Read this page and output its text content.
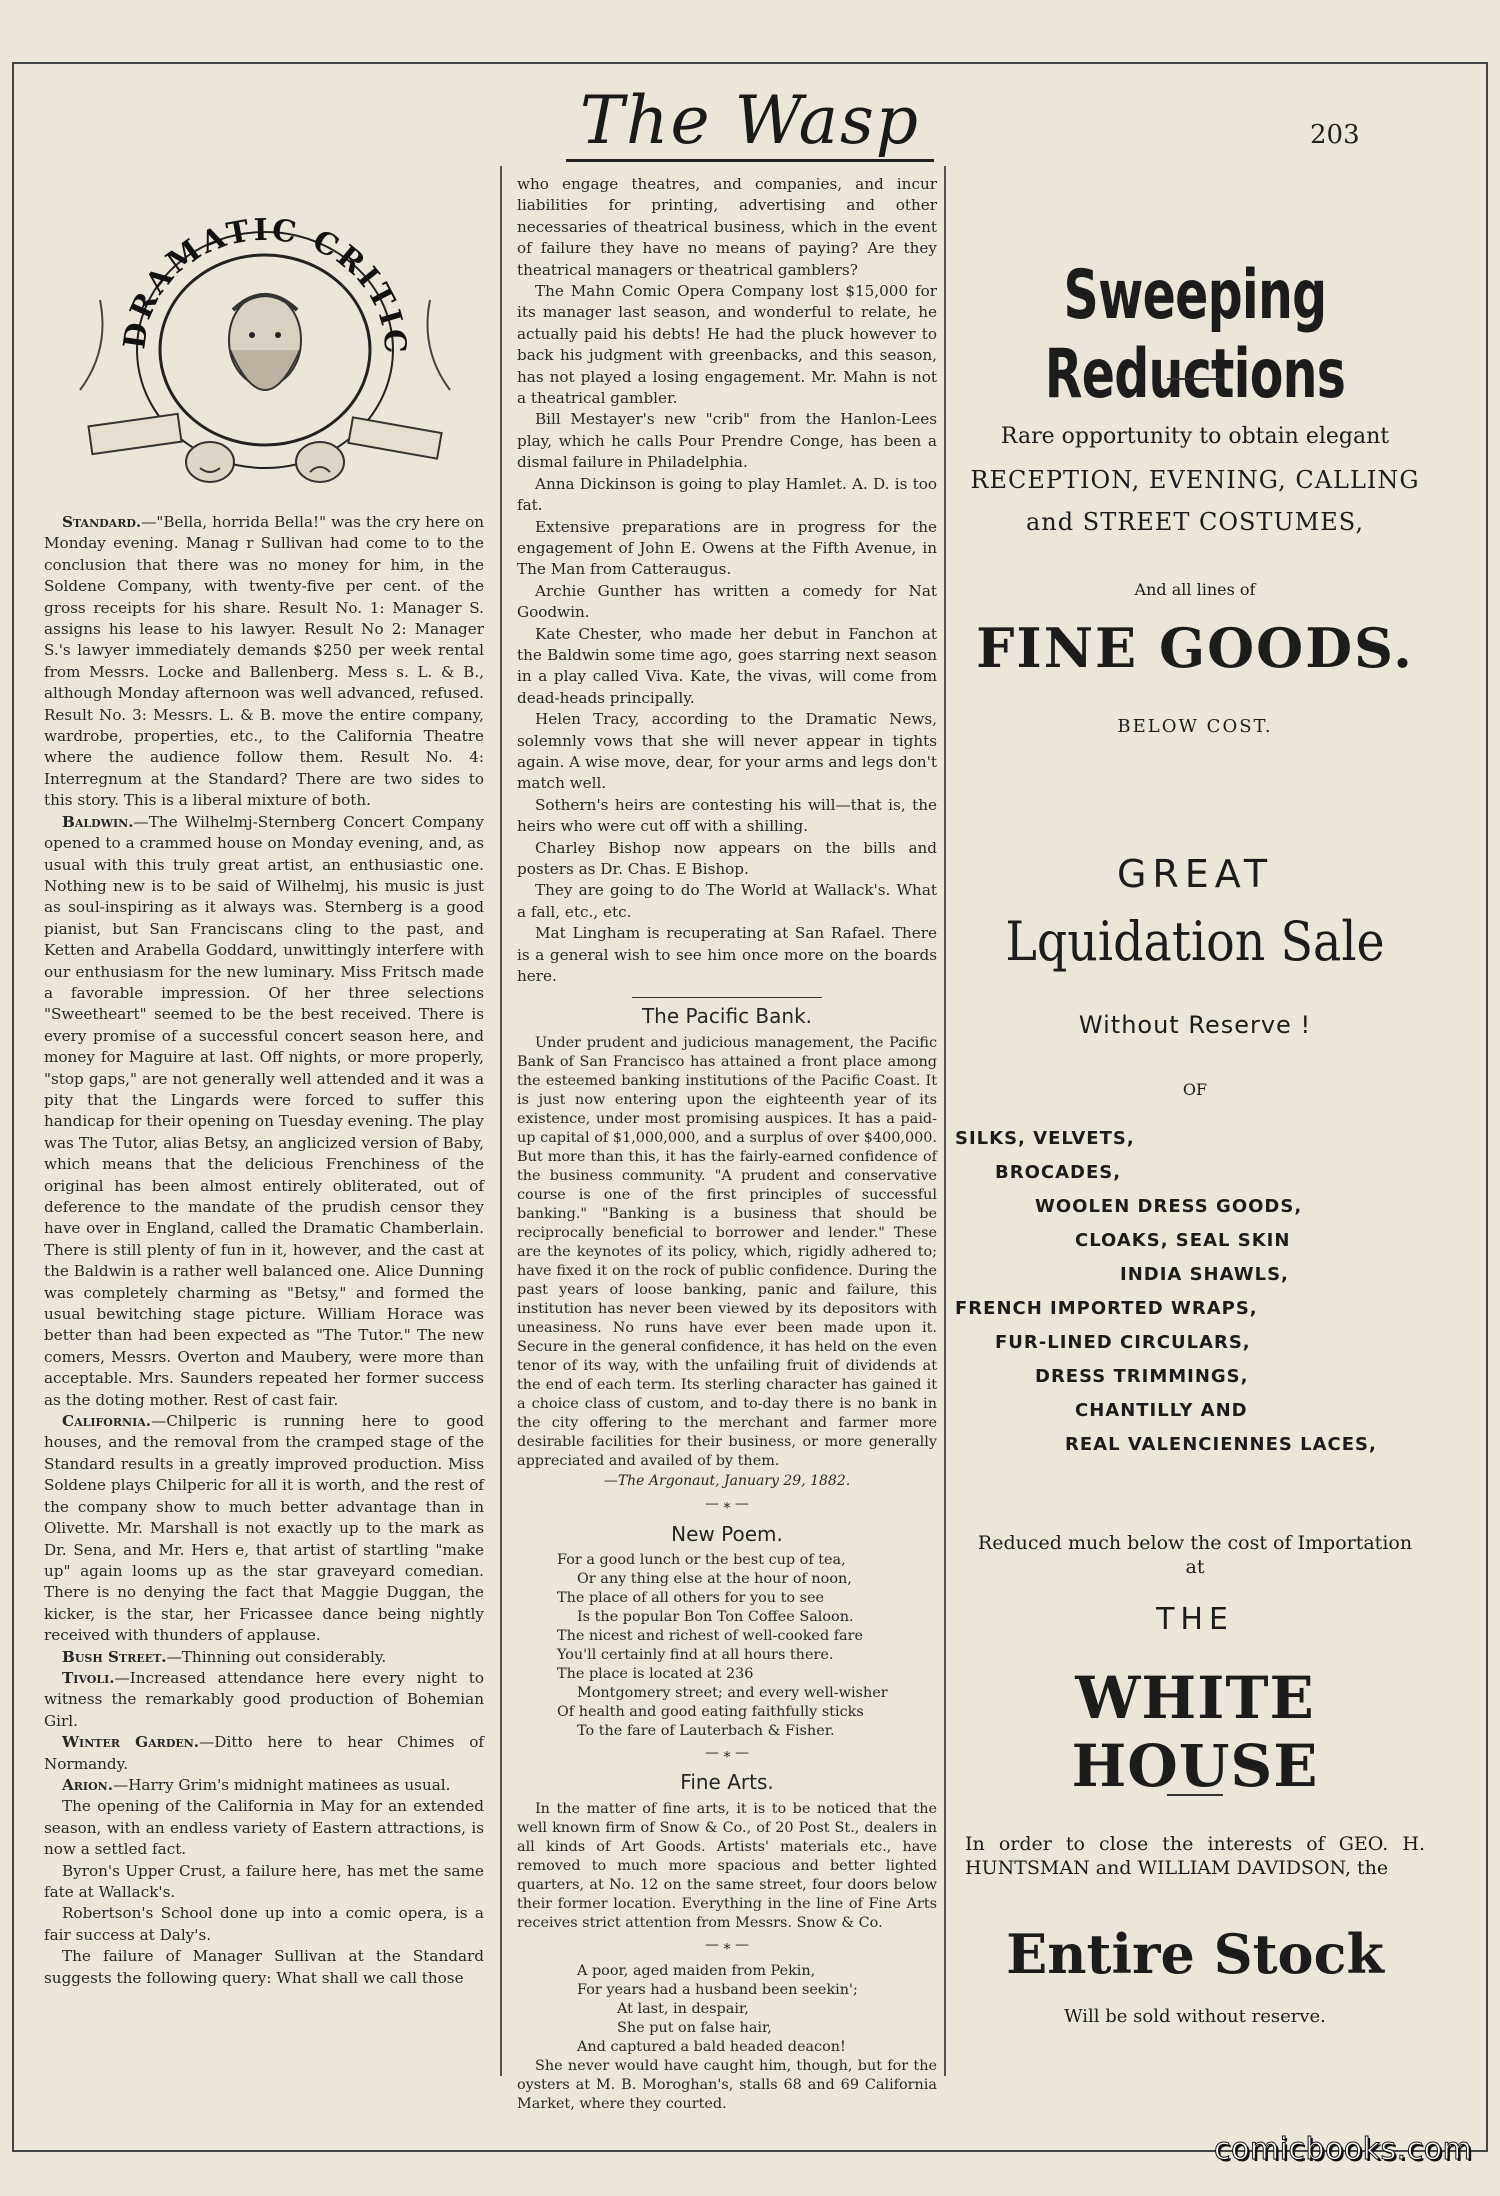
The Wasp	203
DRAMATIC CRITIC

Standard.—"Bella, horrida Bella!" was the cry here on Monday evening. Manag r Sullivan had come to to the conclusion that there was no money for him, in the Soldene Company, with twenty-five per cent. of the gross receipts for his share. Result No. 1: Manager S. assigns his lease to his lawyer. Result No 2: Manager S.'s lawyer immediately demands $250 per week rental from Messrs. Locke and Ballenberg. Mess s. L. & B., although Monday afternoon was well advanced, refused. Result No. 3: Messrs. L. & B. move the entire company, wardrobe, properties, etc., to the California Theatre where the audience follow them. Result No. 4: Interregnum at the Standard? There are two sides to this story. This is a liberal mixture of both.

Baldwin.—The Wilhelmj-Sternberg Concert Company opened to a crammed house on Monday evening, and, as usual with this truly great artist, an enthusiastic one. Nothing new is to be said of Wilhelmj, his music is just as soul-inspiring as it always was. Sternberg is a good pianist, but San Franciscans cling to the past, and Ketten and Arabella Goddard, unwittingly interfere with our enthusiasm for the new luminary. Miss Fritsch made a favorable impression. Of her three selections "Sweetheart" seemed to be the best received. There is every promise of a successful concert season here, and money for Maguire at last. Off nights, or more properly, "stop gaps," are not generally well attended and it was a pity that the Lingards were forced to suffer this handicap for their opening on Tuesday evening. The play was The Tutor, alias Betsy, an anglicized version of Baby, which means that the delicious Frenchiness of the original has been almost entirely obliterated, out of deference to the mandate of the prudish censor they have over in England, called the Dramatic Chamberlain. There is still plenty of fun in it, however, and the cast at the Baldwin is a rather well balanced one. Alice Dunning was completely charming as "Betsy," and formed the usual bewitching stage picture. William Horace was better than had been expected as "The Tutor." The new comers, Messrs. Overton and Maubery, were more than acceptable. Mrs. Saunders repeated her former success as the doting mother. Rest of cast fair.

California.—Chilperic is running here to good houses, and the removal from the cramped stage of the Standard results in a greatly improved production. Miss Soldene plays Chilperic for all it is worth, and the rest of the company show to much better advantage than in Olivette. Mr. Marshall is not exactly up to the mark as Dr. Sena, and Mr. Hers e, that artist of startling "make up" again looms up as the star graveyard comedian. There is no denying the fact that Maggie Duggan, the kicker, is the star, her Fricassee dance being nightly received with thunders of applause.

Bush Street.—Thinning out considerably.

Tivoli.—Increased attendance here every night to witness the remarkably good production of Bohemian Girl.

Winter Garden.—Ditto here to hear Chimes of Normandy.

Arion.—Harry Grim's midnight matinees as usual.

The opening of the California in May for an extended season, with an endless variety of Eastern attractions, is now a settled fact.

Byron's Upper Crust, a failure here, has met the same fate at Wallack's.

Robertson's School done up into a comic opera, is a fair success at Daly's.

The failure of Manager Sullivan at the Standard suggests the following query: What shall we call those

who engage theatres, and companies, and incur liabilities for printing, advertising and other necessaries of theatrical business, which in the event of failure they have no means of paying? Are they theatrical managers or theatrical gamblers?

The Mahn Comic Opera Company lost $15,000 for its manager last season, and wonderful to relate, he actually paid his debts! He had the pluck however to back his judgment with greenbacks, and this season, has not played a losing engagement. Mr. Mahn is not a theatrical gambler.

Bill Mestayer's new "crib" from the Hanlon-Lees play, which he calls Pour Prendre Conge, has been a dismal failure in Philadelphia.

Anna Dickinson is going to play Hamlet. A. D. is too fat.

Extensive preparations are in progress for the engagement of John E. Owens at the Fifth Avenue, in The Man from Catteraugus.

Archie Gunther has written a comedy for Nat Goodwin.

Kate Chester, who made her debut in Fanchon at the Baldwin some time ago, goes starring next season in a play called Viva. Kate, the vivas, will come from dead-heads principally.

Helen Tracy, according to the Dramatic News, solemnly vows that she will never appear in tights again. A wise move, dear, for your arms and legs don't match well.

Sothern's heirs are contesting his will—that is, the heirs who were cut off with a shilling.

Charley Bishop now appears on the bills and posters as Dr. Chas. E Bishop.

They are going to do The World at Wallack's. What a fall, etc., etc.

Mat Lingham is recuperating at San Rafael. There is a general wish to see him once more on the boards here.

The Pacific Bank.

Under prudent and judicious management, the Pacific Bank of San Francisco has attained a front place among the esteemed banking institutions of the Pacific Coast. It is just now entering upon the eighteenth year of its existence, under most promising auspices. It has a paid-up capital of $1,000,000, and a surplus of over $400,000. But more than this, it has the fairly-earned confidence of the business community. "A prudent and conservative course is one of the first principles of successful banking." "Banking is a business that should be reciprocally beneficial to borrower and lender." These are the keynotes of its policy, which, rigidly adhered to; have fixed it on the rock of public confidence. During the past years of loose banking, panic and failure, this institution has never been viewed by its depositors with uneasiness. No runs have ever been made upon it. Secure in the general confidence, it has held on the even tenor of its way, with the unfailing fruit of dividends at the end of each term. Its sterling character has gained it a choice class of custom, and to-day there is no bank in the city offering to the merchant and farmer more desirable facilities for their business, or more generally appreciated and availed of by them.

—The Argonaut, January 29, 1882.
— ⁎ —
New Poem.
For a good lunch or the best cup of tea,
Or any thing else at the hour of noon,
The place of all others for you to see
Is the popular Bon Ton Coffee Saloon.
The nicest and richest of well-cooked fare
You'll certainly find at all hours there.
The place is located at 236
Montgomery street; and every well-wisher
Of health and good eating faithfully sticks
To the fare of Lauterbach & Fisher.
— ⁎ —
Fine Arts.

In the matter of fine arts, it is to be noticed that the well known firm of Snow & Co., of 20 Post St., dealers in all kinds of Art Goods. Artists' materials etc., have removed to much more spacious and better lighted quarters, at No. 12 on the same street, four doors below their former location. Everything in the line of Fine Arts receives strict attention from Messrs. Snow & Co.

— ⁎ —
A poor, aged maiden from Pekin,
For years had a husband been seekin';
At last, in despair,
She put on false hair,
And captured a bald headed deacon!

She never would have caught him, though, but for the oysters at M. B. Moroghan's, stalls 68 and 69 California Market, where they courted.

Sweeping Reductions
Rare opportunity to obtain elegant
RECEPTION, EVENING, CALLING
and STREET COSTUMES,
And all lines of
FINE GOODS.
BELOW COST.
GREAT
Lquidation Sale
Without Reserve !
OF
SILKS, VELVETS,
BROCADES,
WOOLEN DRESS GOODS,
CLOAKS, SEAL SKIN
INDIA SHAWLS,
FRENCH IMPORTED WRAPS,
FUR-LINED CIRCULARS,
DRESS TRIMMINGS,
CHANTILLY AND
REAL VALENCIENNES LACES,
Reduced much below the cost of Importation
at
THE
WHITE HOUSE
In order to close the interests of GEO. H. HUNTSMAN and WILLIAM DAVIDSON, the
Entire Stock
Will be sold without reserve.
comicbooks.com
